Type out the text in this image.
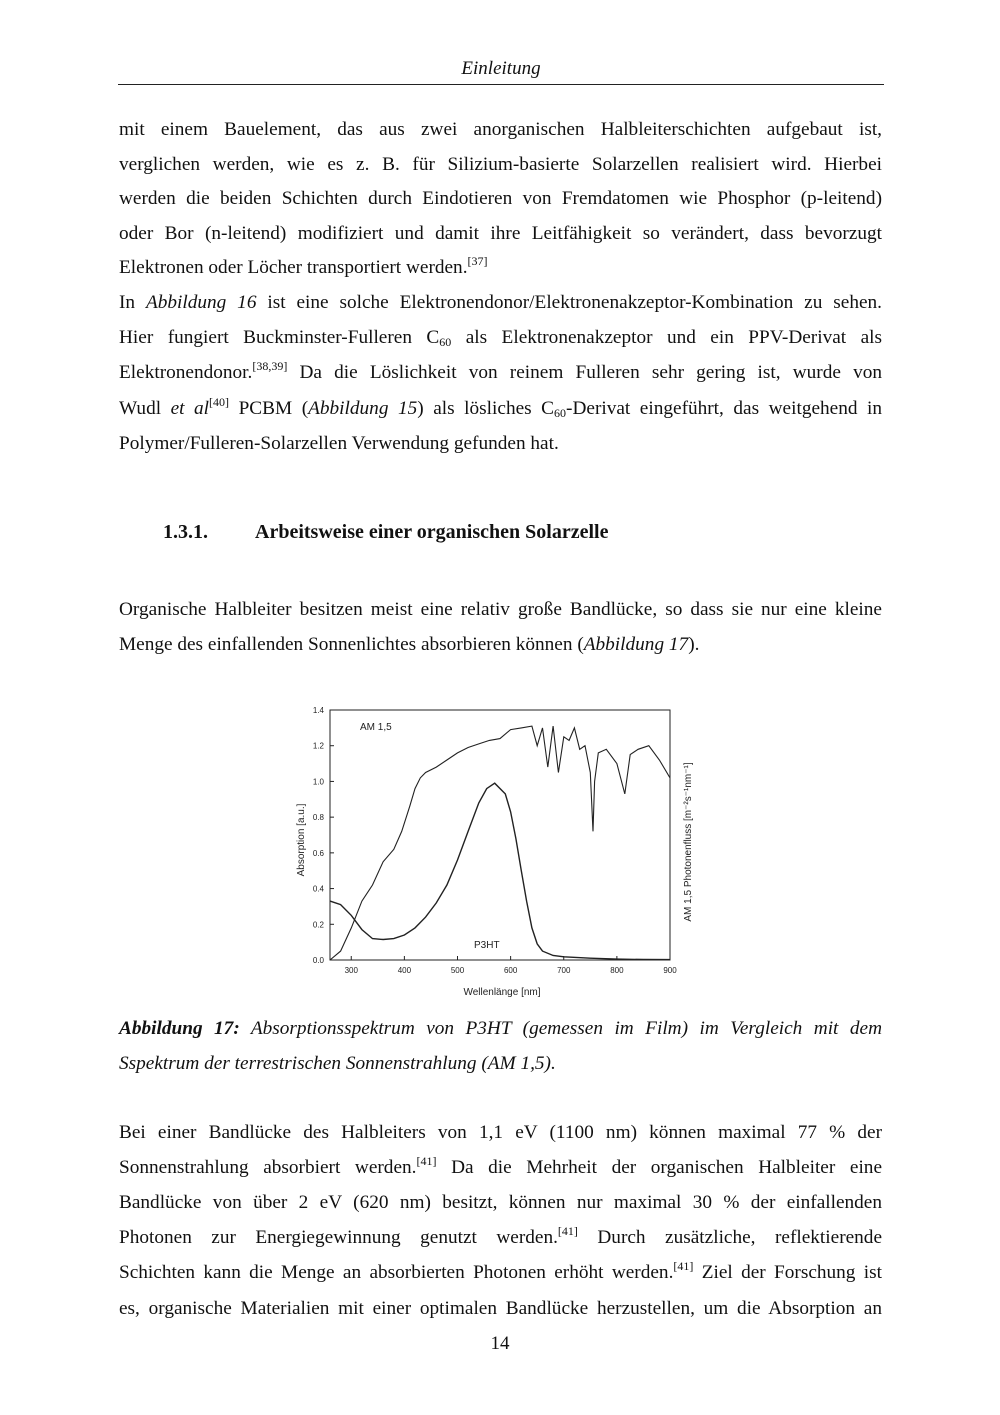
Einleitung
mit einem Bauelement, das aus zwei anorganischen Halbleiterschichten aufgebaut ist,
verglichen werden, wie es z. B. für Silizium-basierte Solarzellen realisiert wird. Hierbei
werden die beiden Schichten durch Eindotieren von Fremdatomen wie Phosphor (p-leitend)
oder Bor (n-leitend) modifiziert und damit ihre Leitfähigkeit so verändert, dass bevorzugt
Elektronen oder Löcher transportiert werden.[37]
In Abbildung 16 ist eine solche Elektronendonor/Elektronenakzeptor-Kombination zu sehen.
Hier fungiert Buckminster-Fulleren $C_{60}$ als Elektronenakzeptor und ein PPV-Derivat als
Elektronendonor.[38,39] Da die Löslichkeit von reinem Fulleren sehr gering ist, wurde von
Wudl et al[40] PCBM (Abbildung 15) als lösliches $C_{60}$-Derivat eingeführt, das weitgehend in
Polymer/Fulleren-Solarzellen Verwendung gefunden hat.
1.3.1. Arbeitsweise einer organischen Solarzelle
Organische Halbleiter besitzen meist eine relativ große Bandlücke, so dass sie nur eine kleine
Menge des einfallenden Sonnenlichtes absorbieren können (Abbildung 17).
300	400	500	600	700	800	900
0.0
0.2
0.4
0.6
0.8
1.0
1.2
1.4
AM 1,5
P3HT
Wellenlänge [nm]
Absorption [a.u.]	AM 1,5 Photonenfluss [m⁻²s⁻¹nm⁻¹]
Abbildung 17: Absorptionsspektrum von P3HT (gemessen im Film) im Vergleich mit dem
Sspektrum der terrestrischen Sonnenstrahlung (AM 1,5).
Bei einer Bandlücke des Halbleiters von 1,1 eV (1100 nm) können maximal 77 % der
Sonnenstrahlung absorbiert werden.[41] Da die Mehrheit der organischen Halbleiter eine
Bandlücke von über 2 eV (620 nm) besitzt, können nur maximal 30 % der einfallenden
Photonen zur Energiegewinnung genutzt werden.[41] Durch zusätzliche, reflektierende
Schichten kann die Menge an absorbierten Photonen erhöht werden.[41] Ziel der Forschung ist
es, organische Materialien mit einer optimalen Bandlücke herzustellen, um die Absorption an
14
